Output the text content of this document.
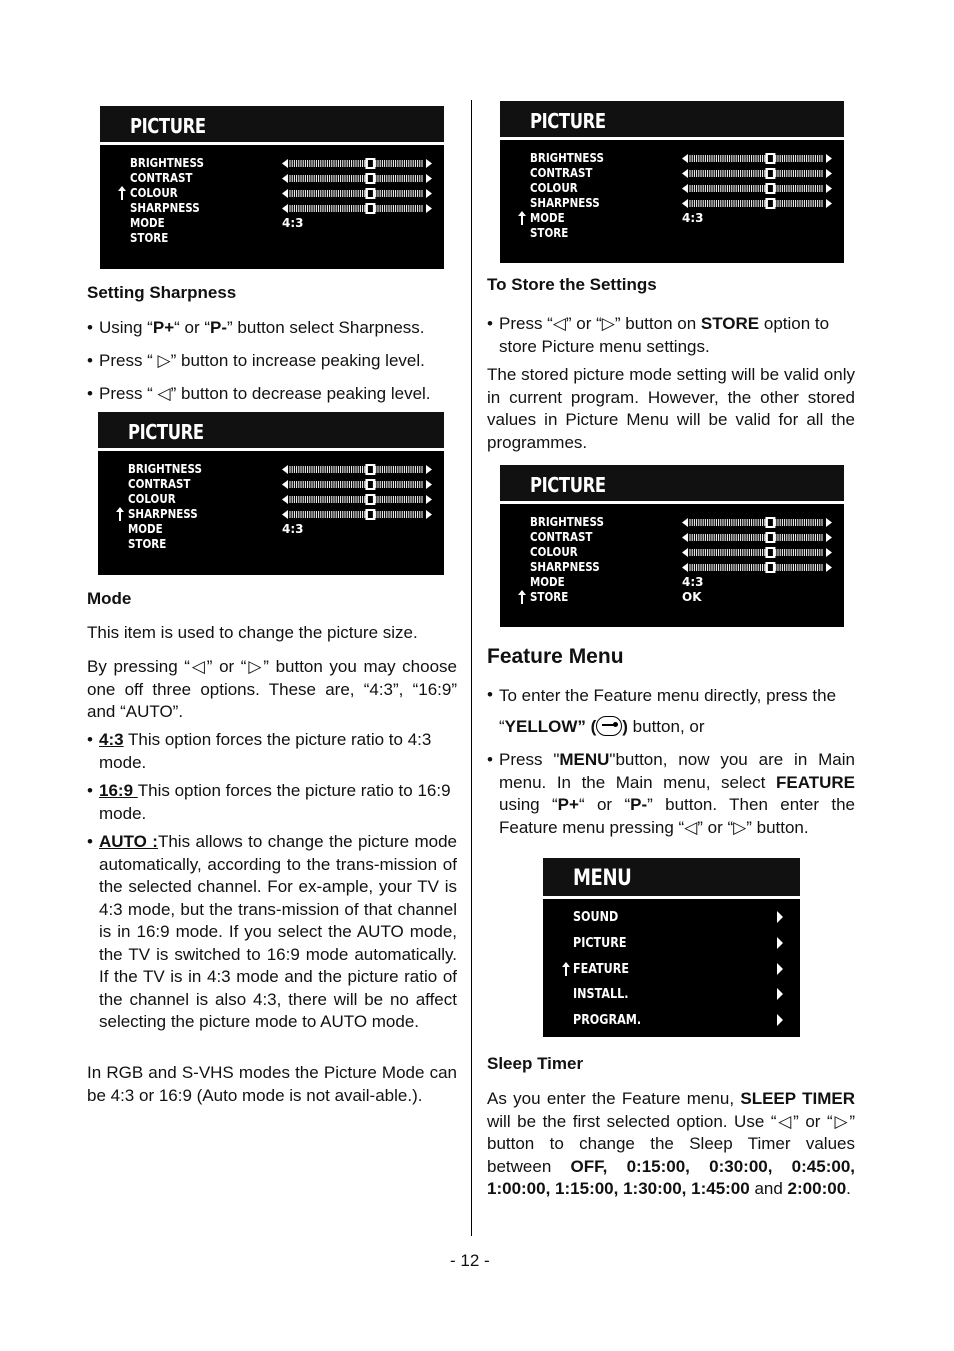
PICTURE
BRIGHTNESS
CONTRAST
COLOUR
SHARPNESS
MODE
STORE
4:3
Setting Sharpness
• Using “P+“ or “P-” button select Sharpness.
• Press “ ▷” button to increase peaking level.
• Press “ ◁” button to decrease peaking level.
PICTURE
BRIGHTNESS
CONTRAST
COLOUR
SHARPNESS
MODE
STORE
4:3
Mode
This item is used to change the picture size.
By pressing “◁” or “▷” button you may choose one off three options. These are, “4:3”, “16:9” and “AUTO”.
• 4:3 This option forces the picture ratio to 4:3 mode.
• 16:9 This option forces the picture ratio to 16:9 mode.
• AUTO :This allows to change the picture mode automatically, according to the trans-mission of the selected channel. For ex-ample, your TV is 4:3 mode, but the trans-mission of that channel is in 16:9 mode. If you select the AUTO mode, the TV is switched to 16:9 mode automatically. If the TV is in 4:3 mode and the picture ratio of the channel is also 4:3, there will be no affect selecting the picture mode to AUTO mode.
In RGB and S-VHS modes the Picture Mode can be 4:3 or 16:9 (Auto mode is not avail-able.).
PICTURE
BRIGHTNESS
CONTRAST
COLOUR
SHARPNESS
MODE
STORE
4:3
To Store the Settings
• Press “◁” or “▷” button on STORE option to store Picture menu settings.
The stored picture mode setting will be valid only in current program. However, the other stored values in Picture Menu will be valid for all the programmes.
PICTURE
BRIGHTNESS
CONTRAST
COLOUR
SHARPNESS
MODE
STORE
4:3
OK
Feature Menu
• To enter the Feature menu directly, press the
“YELLOW” ( ) button, or
• Press "MENU"button, now you are in Main menu. In the Main menu, select FEATURE using “P+“ or “P-” button. Then enter the Feature menu pressing “◁” or “▷” button.
MENU
SOUND
PICTURE
FEATURE
INSTALL.
PROGRAM.
Sleep Timer
As you enter the Feature menu, SLEEP TIMER will be the first selected option. Use “◁” or “▷” button to change the Sleep Timer values between OFF, 0:15:00, 0:30:00, 0:45:00, 1:00:00, 1:15:00, 1:30:00, 1:45:00 and 2:00:00.
- 12 -
